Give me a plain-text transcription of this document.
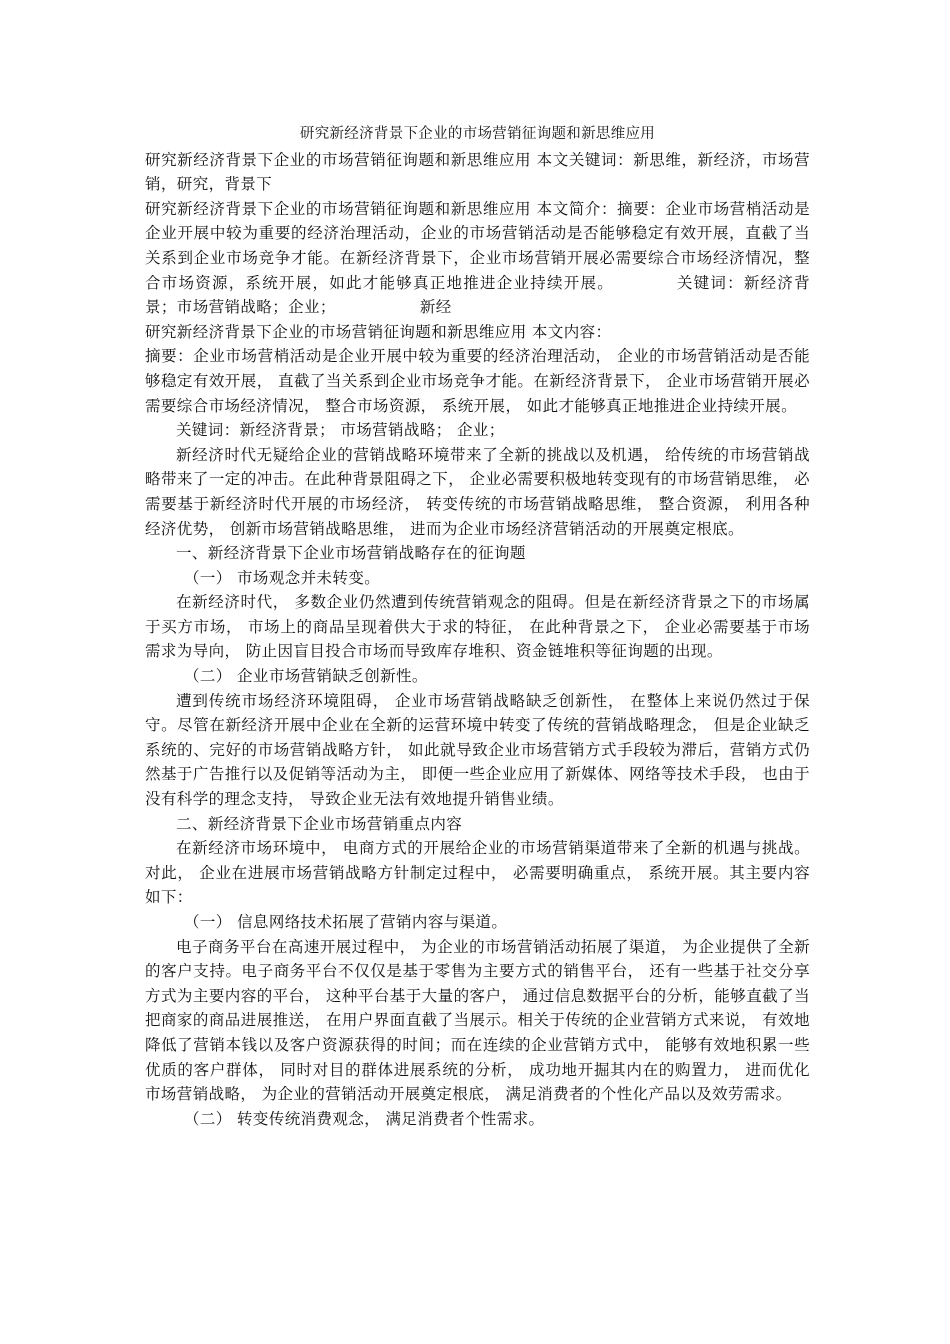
研究新经济背景下企业的市场营销征询题和新思维应用

研究新经济背景下企业的市场营销征询题和新思维应用 本文关键词：新思维，新经济，市场营销，研究，背景下

研究新经济背景下企业的市场营销征询题和新思维应用 本文简介：摘要：企业市场营梢活动是企业开展中较为重要的经济治理活动，企业的市场营销活动是否能够稳定有效开展，直截了当关系到企业市场竞争才能。在新经济背景下，企业市场营销开展必需要综合市场经济情况，整合市场资源，系统开展，如此才能够真正地推进企业持续开展。	关键词：新经济背景；市场营销战略；企业；	新经

研究新经济背景下企业的市场营销征询题和新思维应用 本文内容：

摘要：企业市场营梢活动是企业开展中较为重要的经济治理活动， 企业的市场营销活动是否能够稳定有效开展， 直截了当关系到企业市场竞争才能。在新经济背景下， 企业市场营销开展必需要综合市场经济情况， 整合市场资源， 系统开展， 如此才能够真正地推进企业持续开展。

关键词：新经济背景； 市场营销战略； 企业；

新经济时代无疑给企业的营销战略环境带来了全新的挑战以及机遇， 给传统的市场营销战略带来了一定的冲击。在此种背景阻碍之下， 企业必需要积极地转变现有的市场营销思维， 必需要基于新经济时代开展的市场经济， 转变传统的市场营销战略思维， 整合资源， 利用各种经济优势， 创新市场营销战略思维， 进而为企业市场经济营销活动的开展奠定根底。

一、新经济背景下企业市场营销战略存在的征询题

（一） 市场观念并未转变。

在新经济时代， 多数企业仍然遭到传统营销观念的阻碍。但是在新经济背景之下的市场属于买方市场， 市场上的商品呈现着供大于求的特征， 在此种背景之下， 企业必需要基于市场需求为导向， 防止因盲目投合市场而导致库存堆积、资金链堆积等征询题的出现。

（二） 企业市场营销缺乏创新性。

遭到传统市场经济环境阻碍， 企业市场营销战略缺乏创新性， 在整体上来说仍然过于保守。尽管在新经济开展中企业在全新的运营环境中转变了传统的营销战略理念， 但是企业缺乏系统的、完好的市场营销战略方针， 如此就导致企业市场营销方式手段较为滞后，营销方式仍然基于广告推行以及促销等活动为主， 即便一些企业应用了新媒体、网络等技术手段， 也由于没有科学的理念支持， 导致企业无法有效地提升销售业绩。

二、新经济背景下企业市场营销重点内容

在新经济市场环境中， 电商方式的开展给企业的市场营销渠道带来了全新的机遇与挑战。对此， 企业在进展市场营销战略方针制定过程中， 必需要明确重点， 系统开展。其主要内容如下：

（一） 信息网络技术拓展了营销内容与渠道。

电子商务平台在高速开展过程中， 为企业的市场营销活动拓展了渠道， 为企业提供了全新的客户支持。电子商务平台不仅仅是基于零售为主要方式的销售平台， 还有一些基于社交分享方式为主要内容的平台， 这种平台基于大量的客户， 通过信息数据平台的分析，能够直截了当把商家的商品进展推送， 在用户界面直截了当展示。相关于传统的企业营销方式来说， 有效地降低了营销本钱以及客户资源获得的时间；而在连续的企业营销方式中， 能够有效地积累一些优质的客户群体， 同时对目的群体进展系统的分析， 成功地开掘其内在的购置力， 进而优化市场营销战略， 为企业的营销活动开展奠定根底， 满足消费者的个性化产品以及效劳需求。

（二） 转变传统消费观念， 满足消费者个性需求。
